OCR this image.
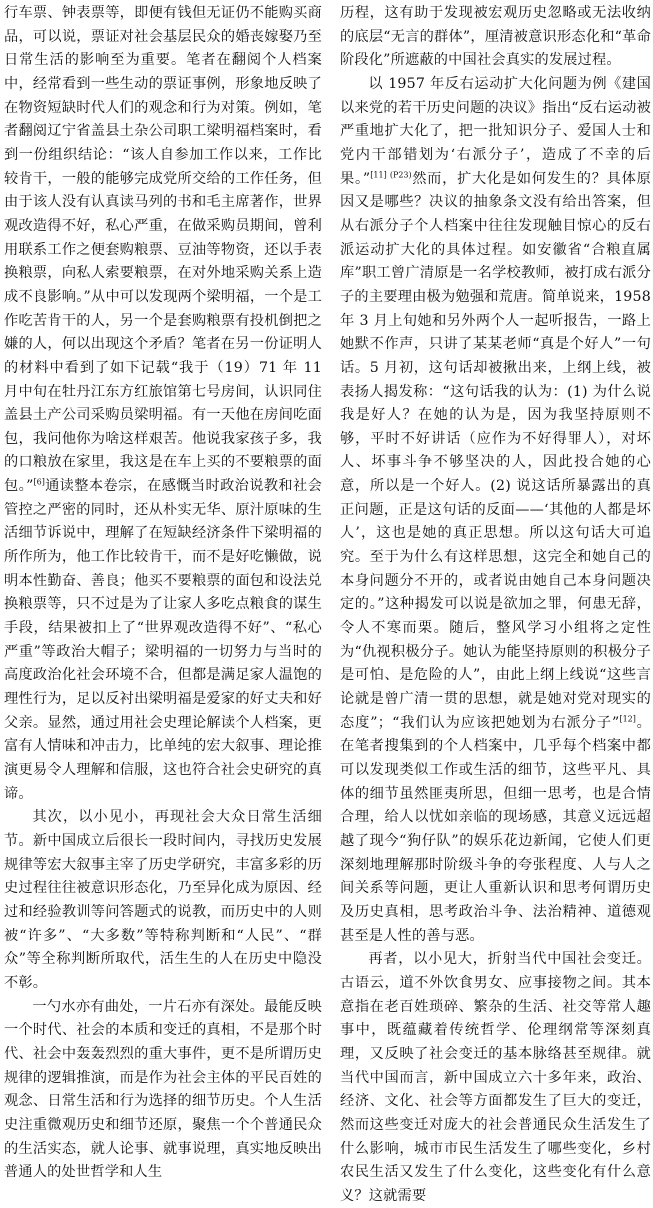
行车票、钟表票等，即便有钱但无证仍不能购买商品，可以说，票证对社会基层民众的婚丧嫁娶乃至日常生活的影响至为重要。笔者在翻阅个人档案中，经常看到一些生动的票证事例，形象地反映了在物资短缺时代人们的观念和行为对策。例如，笔者翻阅辽宁省盖县土杂公司职工梁明福档案时，看到一份组织结论：“该人自参加工作以来，工作比较肯干，一般的能够完成党所交给的工作任务，但由于该人没有认真读马列的书和毛主席著作，世界观改造得不好，私心严重，在做采购员期间，曾利用联系工作之便套购粮票、豆油等物资，还以手表换粮票，向私人索要粮票，在对外地采购关系上造成不良影响。”从中可以发现两个梁明福，一个是工作吃苦肯干的人，另一个是套购粮票有投机倒把之嫌的人，何以出现这个矛盾？笔者在另一份证明人的材料中看到了如下记载“我于（19）71 年 11 月中旬在牡丹江东方红旅馆第七号房间，认识同住盖县土产公司采购员梁明福。有一天他在房间吃面包，我问他你为啥这样艰苦。他说我家孩子多，我的口粮放在家里，我这是在车上买的不要粮票的面包。”[6]通读整本卷宗，在感慨当时政治说教和社会管控之严密的同时，还从朴实无华、原汁原味的生活细节诉说中，理解了在短缺经济条件下梁明福的所作所为，他工作比较肯干，而不是好吃懒做，说明本性勤奋、善良；他买不要粮票的面包和设法兑换粮票等，只不过是为了让家人多吃点粮食的谋生手段，结果被扣上了“世界观改造得不好”、“私心严重”等政治大帽子；梁明福的一切努力与当时的高度政治化社会环境不合，但都是满足家人温饱的理性行为，足以反衬出梁明福是爱家的好丈夫和好父亲。显然，通过用社会史理论解读个人档案，更富有人情味和冲击力，比单纯的宏大叙事、理论推演更易令人理解和信服，这也符合社会史研究的真谛。

其次，以小见小，再现社会大众日常生活细节。新中国成立后很长一段时间内，寻找历史发展规律等宏大叙事主宰了历史学研究，丰富多彩的历史过程往往被意识形态化，乃至异化成为原因、经过和经验教训等问答题式的说教，而历史中的人则被“许多”、“大多数”等特称判断和“人民”、“群众”等全称判断所取代，活生生的人在历史中隐没不彰。

一勺水亦有曲处，一片石亦有深处。最能反映一个时代、社会的本质和变迁的真相，不是那个时代、社会中轰轰烈烈的重大事件，更不是所谓历史规律的逻辑推演，而是作为社会主体的平民百姓的观念、日常生活和行为选择的细节历史。个人生活史注重微观历史和细节还原，聚焦一个个普通民众的生活实态，就人论事、就事说理，真实地反映出普通人的处世哲学和人生

历程，这有助于发现被宏观历史忽略或无法收纳的底层“无言的群体”，厘清被意识形态化和“革命阶段化”所遮蔽的中国社会真实的发展过程。

以 1957 年反右运动扩大化问题为例《建国以来党的若干历史问题的决议》指出“反右运动被严重地扩大化了，把一批知识分子、爱国人士和党内干部错划为‘右派分子’，造成了不幸的后果。”$^{[11] (P23)}$然而，扩大化是如何发生的？具体原因又是哪些？决议的抽象条文没有给出答案，但从右派分子个人档案中往往发现触目惊心的反右派运动扩大化的具体过程。如安徽省“合粮直属库”职工曾广清原是一名学校教师，被打成右派分子的主要理由极为勉强和荒唐。简单说来，1958 年 3 月上旬她和另外两个人一起听报告，一路上她默不作声，只讲了某某老师“真是个好人”一句话。5 月初，这句话却被揪出来，上纲上线，被表扬人揭发称：“这句话我的认为：(1) 为什么说我是好人？在她的认为是，因为我坚持原则不够，平时不好讲话（应作为不好得罪人），对坏人、坏事斗争不够坚决的人，因此投合她的心意，所以是一个好人。(2) 说这话所暴露出的真正问题，正是这句话的反面——‘其他的人都是坏人’，这也是她的真正思想。所以这句话大可追究。至于为什么有这样思想，这完全和她自己的本身问题分不开的，或者说由她自己本身问题决定的。”这种揭发可以说是欲加之罪，何患无辞，令人不寒而栗。随后，整风学习小组将之定性为“仇视积极分子。她认为能坚持原则的积极分子是可怕、是危险的人”，由此上纲上线说“这些言论就是曾广清一贯的思想，就是她对党对现实的态度”；“我们认为应该把她划为右派分子”[12]。在笔者搜集到的个人档案中，几乎每个档案中都可以发现类似工作或生活的细节，这些平凡、具体的细节虽然匪夷所思，但细一思考，也是合情合理，给人以忧如亲临的现场感，其意义远远超越了现今“狗仔队”的娱乐花边新闻，它使人们更深刻地理解那时阶级斗争的夸张程度、人与人之间关系等问题，更让人重新认识和思考何谓历史及历史真相，思考政治斗争、法治精神、道德观甚至是人性的善与恶。

再者，以小见大，折射当代中国社会变迁。古语云，道不外饮食男女、应事接物之间。其本意指在老百姓琐碎、繁杂的生活、社交等常人趣事中，既蕴藏着传统哲学、伦理纲常等深刻真理，又反映了社会变迁的基本脉络甚至规律。就当代中国而言，新中国成立六十多年来，政治、经济、文化、社会等方面都发生了巨大的变迁，然而这些变迁对庞大的社会普通民众生活发生了什么影响，城市市民生活发生了哪些变化，乡村农民生活又发生了什么变化，这些变化有什么意义？这就需要
